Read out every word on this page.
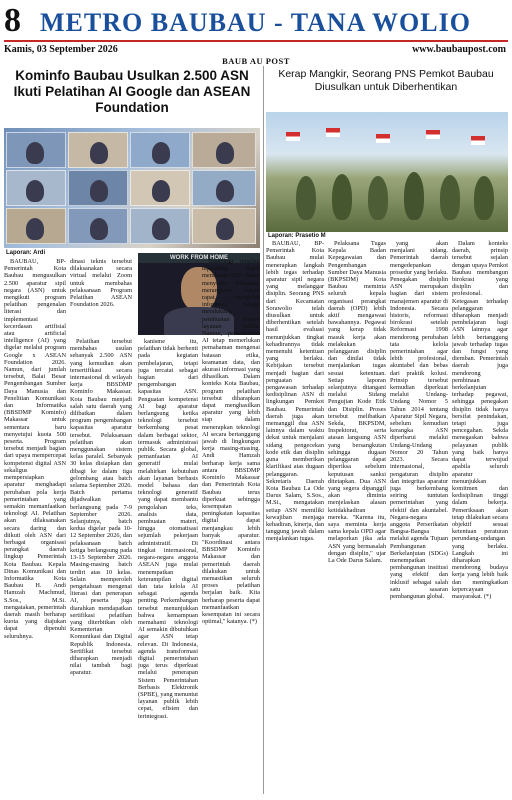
8 METRO BAUBAU - TANA WOLIO
Kamis, 03 September 2026	www.baubaupost.com
BAUB AU POST
Kominfo Baubau Usulkan 2.500 ASN Ikuti Pelatihan AI Google dan ASEAN Foundation
Kerap Mangkir, Seorang PNS Pemkot Baubau Diusulkan untuk Diberhentikan
Laporan: Ardi
Laporan: Prasetio M
WORK FROM HOME

BAUBAU, BP- Pemerintah Kota Baubau mengusulkan 2.500 aparatur sipil negara (ASN) untuk mengikuti program pelatihan pengenalan literasi dan implementasi kecerdasan artifisial atau artificial intelligence (AI) yang digelar melalui program Google x ASEAN Foundation 2026. Namun, dari jumlah tersebut, Balai Besar Pengembangan Sumber Daya Manusia dan Penelitian Komunikasi dan Informatika (BBSDMP Kominfo) Makassar untuk sementara baru menyetujui kuota 500 peserta. Program tersebut menjadi bagian dari upaya mempercepat kompetensi digital ASN sekaligus mempersiapkan aparatur menghadapi perubahan pola kerja pemerintahan yang semakin memanfaatkan teknologi AI. Pelatihan akan dilaksanakan secara daring dan diikuti oleh ASN dari berbagai organisasi perangkat daerah lingkup Pemerintah Kota Baubau. Kepala Dinas Komunikasi dan Informatika Kota Baubau H. Andi Hamzah Machmud, S.Sos., M.Si. mengatakan, pemerintah daerah masih berharap kuota yang diajukan dapat dipenuhi seluruhnya.

dinasi teknis tersebut dilaksanakan secara virtual melalui Zoom untuk membahas pelaksanaan Program Pelatihan ASEAN Foundation 2026.

Pelatihan tersebut membahas usulan sebanyak 2.500 ASN yang kemudian akan tersertifikasi secara internasional di wilayah kerja BBSDMP Kominfo Makassar. Kota Baubau menjadi salah satu daerah yang dilibatkan dalam program pengembangan kapasitas aparatur tersebut. Pelaksanaan pelatihan akan menggunakan sistem kelas paralel. Sebanyak 30 kelas disiapkan dan dibagi ke dalam tiga gelombang atau batch selama September 2026. Batch pertama dijadwalkan berlangsung pada 7-9 September 2026. Selanjutnya, batch kedua digelar pada 10-12 September 2026, dan pelaksanaan batch ketiga berlangsung pada 13-15 September 2026. Masing-masing batch terdiri atas 10 kelas. Selain memperoleh pengetahuan mengenai literasi dan penerapan AI, peserta juga diarahkan mendapatkan sertifikasi pelatihan yang diterbitkan oleh Kementerian Komunikasi dan Digital Republik Indonesia. Sertifikat tersebut diharapkan menjadi nilai tambah bagi aparatur.

kanisme itu, pelatihan tidak berhenti pada kegiatan pembelajaran, tetapi juga tercatat sebagai bagian dari pengembangan kapasitas ASN. Penguatan kompetensi AI bagi aparatur berlangsung ketika teknologi tersebut berkembang pesat dalam berbagai sektor, termasuk administrasi publik. Secara global, pemanfaatan AI generatif mulai melahirkan kebutuhan akan layanan berbasis model bahasa dan teknologi generatif yang dapat membantu pengolahan teks, analisis data, pembuatan materi, hingga otomatisasi sejumlah pekerjaan administratif. Di tingkat internasional, negara-negara anggota ASEAN juga mulai menempatkan keterampilan digital dan tata kelola AI sebagai agenda penting. Perkembangan tersebut menunjukkan bahwa kemampuan memahami teknologi AI semakin dibutuhkan agar ASN tetap relevan. Di Indonesia, agenda transformasi digital pemerintahan juga terus diperkuat melalui penerapan Sistem Pemerintahan Berbasis Elektronik (SPBE), yang menuntut layanan publik lebih cepat, efisien dan terintegrasi.

Teknologi tersebut dipandang dapat membantu ASN dalam menyusun dokumen, merangkum bahan rapat, mengolah informasi, hingga mendukung pembuatan konten layanan publik. Namun, pemanfaatan AI tetap memerlukan pemahaman mengenai batasan etika, keamanan data, dan akurasi informasi yang dihasilkan. Dalam konteks Kota Baubau, program pelatihan tersebut diharapkan dapat menghasilkan aparatur yang lebih siap dalam menerapkan teknologi AI secara bertanggung jawab di lingkungan kerja masing-masing. Andi Hamzah berharap kerja sama antara BBSDMP Kominfo Makassar dan Pemerintah Kota Baubau terus diperkuat sehingga kesempatan peningkatan kapasitas digital dapat menjangkau lebih banyak aparatur. "Koordinasi antara BBSDMP Kominfo Makassar dan pemerintah daerah dilakukan untuk memastikan seluruh proses pelatihan berjalan baik. Kita berharap peserta dapat memanfaatkan kesempatan ini secara optimal," katanya. (*)

BAUBAU, BP- Pemerintah Kota Baubau mulai menerapkan langkah lebih tegas terhadap aparatur sipil negara yang melanggar disiplin. Seorang PNS dari Kecamatan Sorawolio telah diusulkan untuk diberhentikan setelah hasil evaluasi menunjukkan tingkat kehadirannya tidak memenuhi ketentuan yang berlaku. Kebijakan tersebut menjadi bagian dari penguatan pengawasan terhadap kedisiplinan ASN di lingkungan Pemkot Baubau. Pemerintah daerah juga akan memanggil dua ASN lainnya dalam waktu dekat untuk menjalani sidang pengecekan kode etik dan disiplin guna memberikan klarifikasi atas dugaan pelanggaran. Sekretaris Daerah Kota Baubau La Ode Darus Salam, S.Sos., M.Si., mengatakan setiap ASN memiliki kewajiban menjaga kehadiran, kinerja, dan tanggung jawab dalam menjalankan tugas.

Pelaksana Tugas Kepala Badan Kepegawaian dan Pengembangan Sumber Daya Manusia (BKPSDM) Kota Baubau meminta seluruh kepala organisasi perangkat daerah (OPD) lebih aktif mengawasi bawahannya. Pegawai yang kerap tidak masuk kerja akan melakukan pelanggaran disiplin dan dinilai tidak menjalankan tugas sesuai ketentuan. Setiap laporan selanjutnya ditangani melalui Sidang Pengujian Kode Etik dan Disiplin. Proses tersebut melibatkan Sekda, BKPSDM, Inspektorat, serta atasan langsung ASN yang bersangkutan sehingga dugaan pelanggaran dapat diperiksa sebelum keputusan sanksi ditetapkan. Dua ASN yang segera dipanggil akan diminta menjelaskan alasan ketidakhadiran mereka. "Karena itu, saya meminta kerja sama kepala OPD agar melaporkan jika ada ASN yang bermasalah dengan disiplin," ujar La Ode Darus Salam.

yang akan menjalani sidang. Pemerintah daerah mengedepankan prosedur yang berlaku. Penegakan disiplin ASN merupakan bagian dari sistem manajemen aparatur di Indonesia. Secara historis, reformasi birokrasi setelah Reformasi 1998 mendorong perubahan tata kelola pemerintahan agar lebih profesional, akuntabel dan bebas dari praktik kolusi. Prinsip tersebut kemudian diperkuat melalui Undang-Undang Nomor 5 Tahun 2014 tentang Aparatur Sipil Negara, sebelum kemudian kerangka ASN diperbarui melalui Undang-Undang Nomor 20 Tahun 2023. Secara internasional, pengaturan disiplin dan integritas aparatur juga berkembang seiring tuntutan pemerintahan yang efektif dan akuntabel. Negara-negara anggota Perserikatan Bangsa-Bangsa melalui agenda Tujuan Pembangunan Berkelanjutan (SDGs) menempatkan pembangunan institusi yang efektif dan inklusif sebagai salah satu sasaran pembangunan global.

Dalam konteks daerah, prinsip tersebut sejalan dengan upaya Pemkot Baubau membangun birokrasi yang disiplin dan profesional. Ketegasan terhadap pelanggaran diharapkan menjadi pembelajaran bagi ASN lainnya agar lebih bertanggung jawab terhadap tugas dan fungsi yang diemban. Pemerintah daerah juga mendorong pembinaan berkelanjutan terhadap pegawai, sehingga penegakan disiplin tidak hanya bersifat penindakan, tetapi juga pencegahan. Sekda menegaskan bahwa pelayanan publik yang baik hanya dapat terwujud apabila seluruh aparatur menunjukkan komitmen dan kedisiplinan tinggi dalam bekerja. Pemeriksaan akan tetap dilakukan secara objektif sesuai ketentuan peraturan perundang-undangan yang berlaku. Langkah ini diharapkan mendorong budaya kerja yang lebih baik dan meningkatkan kepercayaan masyarakat. (*)
